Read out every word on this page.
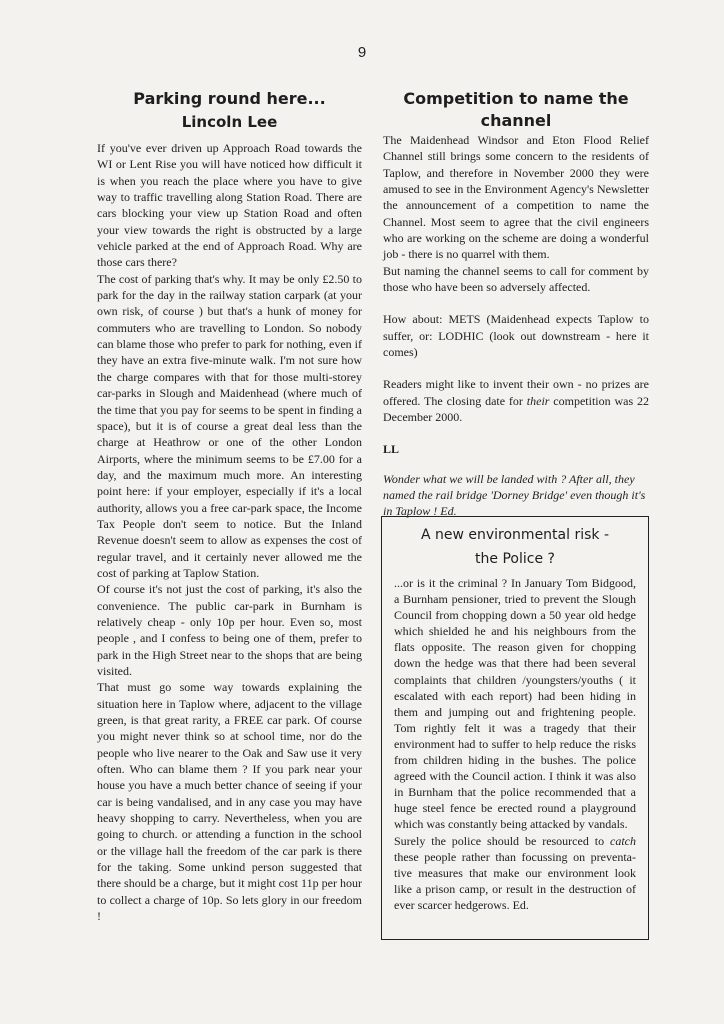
9
Parking round here...
Lincoln Lee

If you've ever driven up Approach Road towards the WI or Lent Rise you will have noticed how difficult it is when you reach the place where you have to give way to traffic travelling along Station Road. There are cars blocking your view up Station Road and often your view towards the right is obstructed by a large vehicle parked at the end of Approach Road. Why are those cars there?

The cost of parking that's why. It may be only £2.50 to park for the day in the railway station carpark (at your own risk, of course ) but that's a hunk of money for commuters who are travelling to London. So nobody can blame those who prefer to park for nothing, even if they have an extra five-minute walk. I'm not sure how the charge compares with that for those multi-storey car-parks in Slough and Maidenhead (where much of the time that you pay for seems to be spent in finding a space), but it is of course a great deal less than the charge at Heathrow or one of the other London Airports, where the minimum seems to be £7.00 for a day, and the maximum much more. An interesting point here: if your employer, especially if it's a local authority, allows you a free car-park space, the Income Tax People don't seem to notice. But the Inland Revenue doesn't seem to allow as expenses the cost of regular travel, and it certainly never allowed me the cost of parking at Taplow Station.

Of course it's not just the cost of parking, it's also the convenience. The public car-park in Burnham is relatively cheap - only 10p per hour. Even so, most people , and I confess to being one of them, prefer to park in the High Street near to the shops that are being visited.

That must go some way towards explaining the situation here in Taplow where, adjacent to the village green, is that great rarity, a FREE car park. Of course you might never think so at school time, nor do the people who live nearer to the Oak and Saw use it very often. Who can blame them ? If you park near your house you have a much better chance of seeing if your car is being vandalised, and in any case you may have heavy shopping to carry. Nevertheless, when you are going to church. or attending a function in the school or the village hall the freedom of the car park is there for the taking. Some unkind person suggested that there should be a charge, but it might cost 11p per hour to collect a charge of 10p. So lets glory in our freedom !

Competition to name the channel

The Maidenhead Windsor and Eton Flood Relief Channel still brings some concern to the residents of Taplow, and therefore in November 2000 they were amused to see in the Environment Agency's Newsletter the announcement of a competition to name the Channel. Most seem to agree that the civil engineers who are working on the scheme are doing a wonderful job - there is no quarrel with them.

But naming the channel seems to call for comment by those who have been so adversely affected.

How about: METS (Maidenhead expects Taplow to suffer, or: LODHIC (look out downstream - here it comes)

Readers might like to invent their own - no prizes are offered. The closing date for their competition was 22 December 2000.

LL
Wonder what we will be landed with ? After all, they named the rail bridge 'Dorney Bridge' even though it's in Taplow ! Ed.
A new environmental risk -
the Police ?

...or is it the criminal ? In January Tom Bidgood, a Burnham pensioner, tried to prevent the Slough Council from chopping down a 50 year old hedge which shielded he and his neighbours from the flats opposite. The reason given for chopping down the hedge was that there had been several complaints that children /youngsters/youths ( it escalated with each report) had been hiding in them and jumping out and frightening people. Tom rightly felt it was a tragedy that their environment had to suffer to help reduce the risks from children hiding in the bushes. The police agreed with the Council action. I think it was also in Burnham that the police recommended that a huge steel fence be erected round a playground which was constantly being attacked by vandals.

Surely the police should be resourced to catch these people rather than focussing on preventa-tive measures that make our environment look like a prison camp, or result in the destruction of ever scarcer hedgerows. Ed.
